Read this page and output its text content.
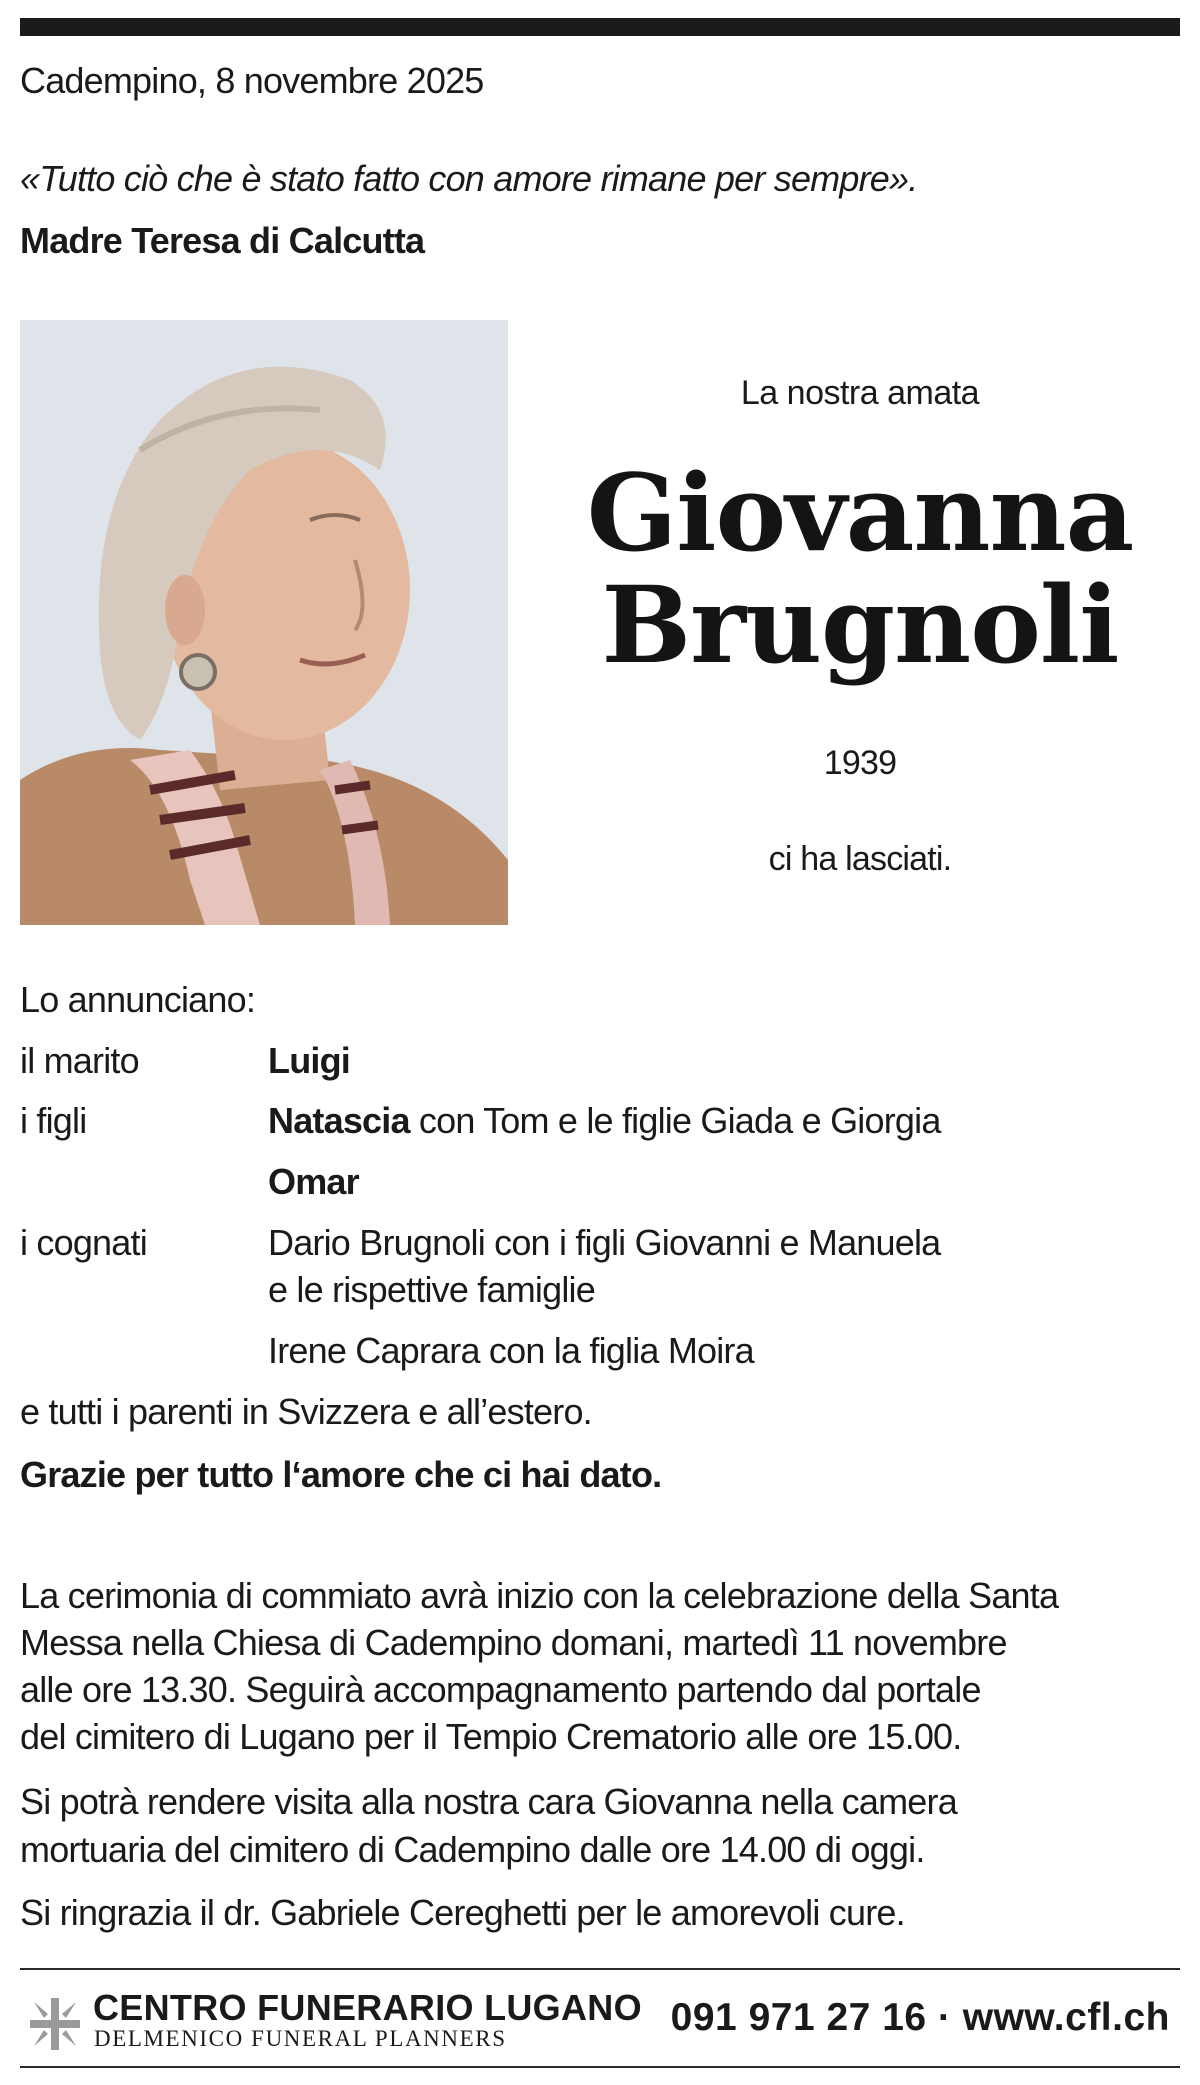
Cadempino, 8 novembre 2025
«Tutto ciò che è stato fatto con amore rimane per sempre».
Madre Teresa di Calcutta
La nostra amata
Giovanna
Brugnoli
1939
ci ha lasciati.
Lo annunciano:
il marito	Luigi
i figli	Natascia con Tom e le figlie Giada e Giorgia
Omar
i cognati	Dario Brugnoli con i figli Giovanni e Manuela
e le rispettive famiglie
Irene Caprara con la figlia Moira
e tutti i parenti in Svizzera e all’estero.
Grazie per tutto l‘amore che ci hai dato.
La cerimonia di commiato avrà inizio con la celebrazione della Santa
Messa nella Chiesa di Cadempino domani, martedì 11 novembre
alle ore 13.30. Seguirà accompagnamento partendo dal portale
del cimitero di Lugano per il Tempio Crematorio alle ore 15.00.
Si potrà rendere visita alla nostra cara Giovanna nella camera
mortuaria del cimitero di Cadempino dalle ore 14.00 di oggi.
Si ringrazia il dr. Gabriele Cereghetti per le amorevoli cure.
CENTRO FUNERARIO LUGANO
DELMENICO FUNERAL PLANNERS	091 971 27 16 · www.cfl.ch
